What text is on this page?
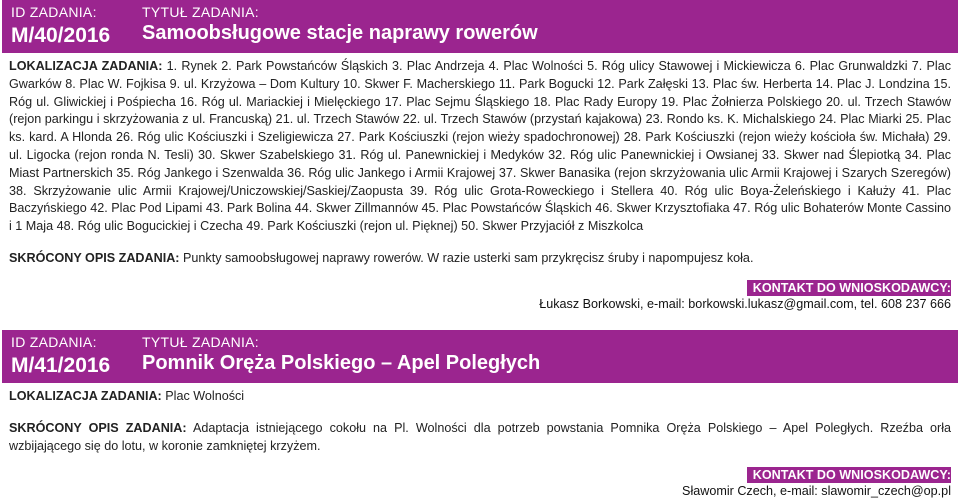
ID ZADANIA:	TYTUŁ ZADANIA:
M/40/2016 Samoobsługowe stacje naprawy rowerów

LOKALIZACJA ZADANIA: 1. Rynek 2. Park Powstańców Śląskich 3. Plac Andrzeja 4. Plac Wolności 5. Róg ulicy Stawowej i Mickiewicza 6. Plac Grunwaldzki 7. Plac Gwarków 8. Plac W. Fojkisa 9. ul. Krzyżowa – Dom Kultury 10. Skwer F. Macherskiego 11. Park Bogucki 12. Park Załęski 13. Plac św. Herberta 14. Plac J. Londzina 15. Róg ul. Gliwickiej i Pośpiecha 16. Róg ul. Mariackiej i Mielęckiego 17. Plac Sejmu Śląskiego 18. Plac Rady Europy 19. Plac Żołnierza Polskiego 20. ul. Trzech Stawów (rejon parkingu i skrzyżowania z ul. Francuską) 21. ul. Trzech Stawów 22. ul. Trzech Stawów (przystań kajakowa) 23. Rondo ks. K. Michalskiego 24. Plac Miarki 25. Plac ks. kard. A Hlonda 26. Róg ulic Kościuszki i Szeligiewicza 27. Park Kościuszki (rejon wieży spadochronowej) 28. Park Kościuszki (rejon wieży kościoła św. Michała) 29. ul. Ligocka (rejon ronda N. Tesli) 30. Skwer Szabelskiego 31. Róg ul. Panewnickiej i Medyków 32. Róg ulic Panewnickiej i Owsianej 33. Skwer nad Ślepiotką 34. Plac Miast Partnerskich 35. Róg Jankego i Szenwalda 36. Róg ulic Jankego i Armii Krajowej 37. Skwer Banasika (rejon skrzyżowania ulic Armii Krajowej i Szarych Szeregów) 38. Skrzyżowanie ulic Armii Krajowej/Uniczowskiej/Saskiej/Zaopusta 39. Róg ulic Grota-Roweckiego i Stellera 40. Róg ulic Boya-Żeleńskiego i Kałuży 41. Plac Baczyńskiego 42. Plac Pod Lipami 43. Park Bolina 44. Skwer Zillmannów 45. Plac Powstańców Śląskich 46. Skwer Krzysztofiaka 47. Róg ulic Bohaterów Monte Cassino i 1 Maja 48. Róg ulic Bogucickiej i Czecha 49. Park Kościuszki (rejon ul. Pięknej) 50. Skwer Przyjaciół z Miszkolca

SKRÓCONY OPIS ZADANIA: Punkty samoobsługowej naprawy rowerów. W razie usterki sam przykręcisz śruby i napompujesz koła.

KONTAKT DO WNIOSKODAWCY:
Łukasz Borkowski, e-mail: borkowski.lukasz@gmail.com, tel. 608 237 666
ID ZADANIA:	TYTUŁ ZADANIA:
M/41/2016 Pomnik Oręża Polskiego – Apel Poległych

LOKALIZACJA ZADANIA: Plac Wolności

SKRÓCONY OPIS ZADANIA: Adaptacja istniejącego cokołu na Pl. Wolności dla potrzeb powstania Pomnika Oręża Polskiego – Apel Poległych. Rzeźba orła wzbijającego się do lotu, w koronie zamkniętej krzyżem.

KONTAKT DO WNIOSKODAWCY:
Sławomir Czech, e-mail: slawomir_czech@op.pl
